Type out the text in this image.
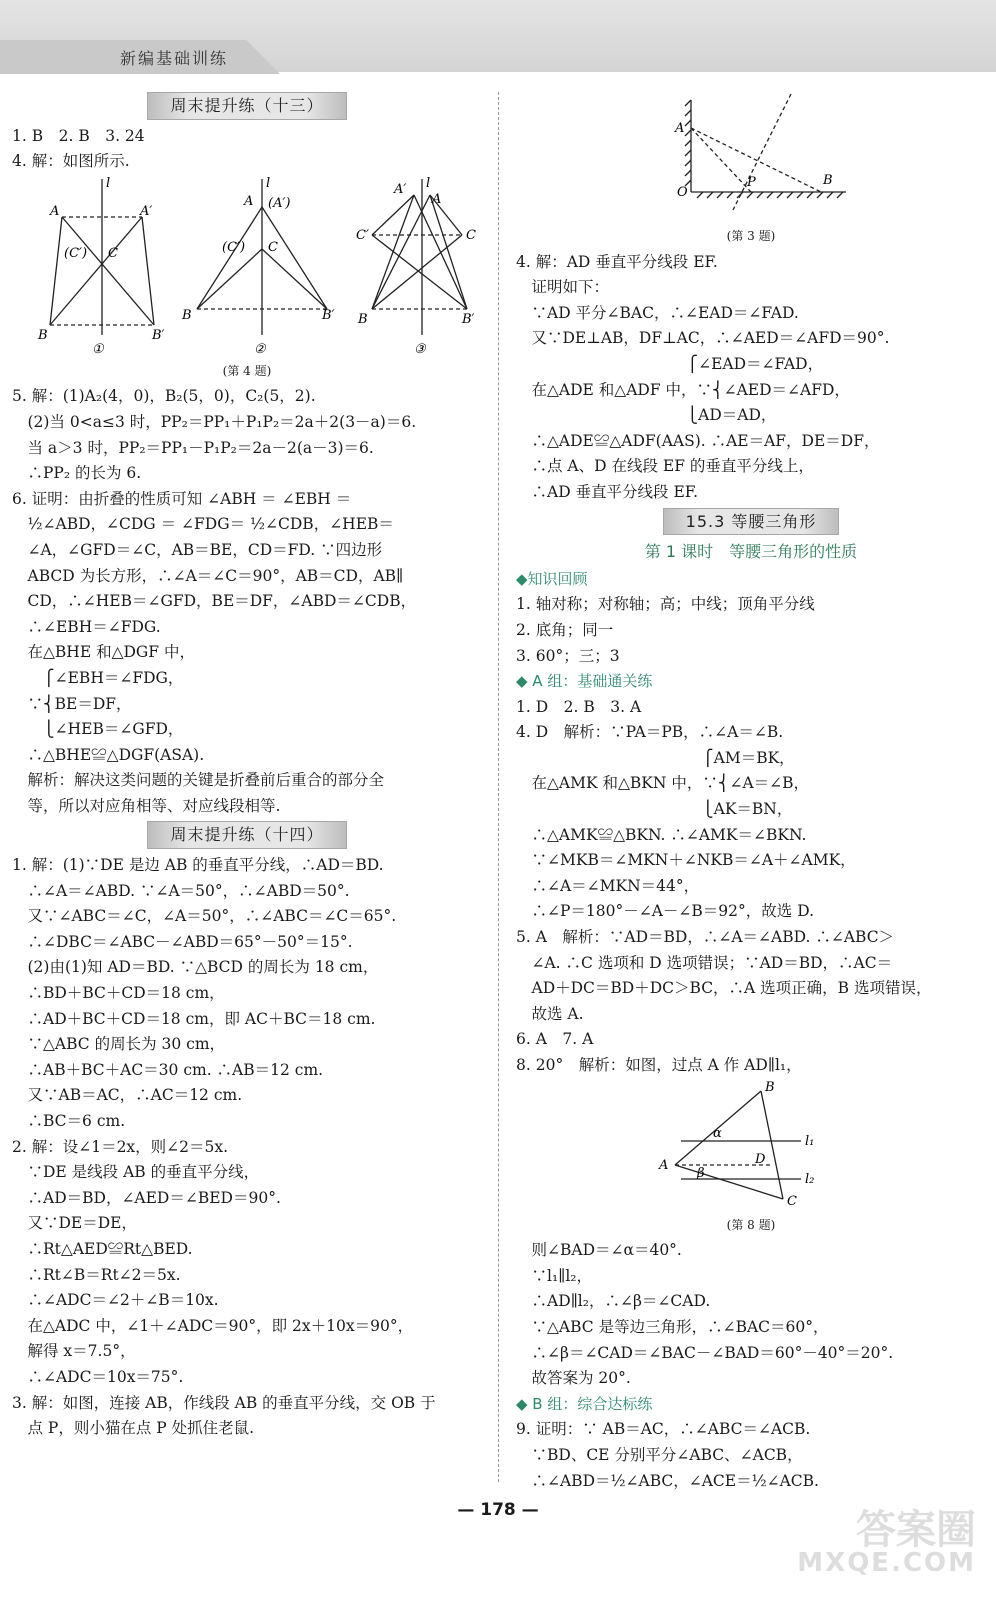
新编基础训练
周末提升练（十三）
1. B　2. B　3. 24
4. 解：如图所示.
l
A	A′
(C′) C
B	B′
①
l
A (A′)
(C′) C
B	B′
②
A′ l
A
C′	C
B	B′
③
(第 4 题)
5. 解：(1)A₂(4，0)，B₂(5，0)，C₂(5，2).
　(2)当 0<a≤3 时，PP₂＝PP₁＋P₁P₂＝2a＋2(3－a)＝6.
　当 a＞3 时，PP₂＝PP₁－P₁P₂＝2a－2(a－3)＝6.
　∴PP₂ 的长为 6.
6. 证明：由折叠的性质可知 ∠ABH ＝ ∠EBH ＝
　½∠ABD，∠CDG ＝ ∠FDG＝ ½∠CDB，∠HEB＝
　∠A，∠GFD＝∠C，AB＝BE，CD＝FD. ∵四边形
　ABCD 为长方形，∴∠A＝∠C＝90°，AB＝CD，AB∥
　CD，∴∠HEB＝∠GFD，BE＝DF，∠ABD＝∠CDB，
　∴∠EBH＝∠FDG.
　在△BHE 和△DGF 中，
　　⎧∠EBH＝∠FDG，
　∵⎨BE＝DF，
　　⎩∠HEB＝∠GFD，
　∴△BHE≌△DGF(ASA).
　解析：解决这类问题的关键是折叠前后重合的部分全
　等，所以对应角相等、对应线段相等.
周末提升练（十四）
1. 解：(1)∵DE 是边 AB 的垂直平分线，∴AD＝BD.
　∴∠A＝∠ABD. ∵∠A＝50°，∴∠ABD＝50°.
　又∵∠ABC＝∠C，∠A＝50°，∴∠ABC＝∠C＝65°.
　∴∠DBC＝∠ABC－∠ABD＝65°－50°＝15°.
　(2)由(1)知 AD＝BD. ∵△BCD 的周长为 18 cm，
　∴BD＋BC＋CD＝18 cm，
　∴AD＋BC＋CD＝18 cm，即 AC＋BC＝18 cm.
　∵△ABC 的周长为 30 cm，
　∴AB＋BC＋AC＝30 cm. ∴AB＝12 cm.
　又∵AB＝AC，∴AC＝12 cm.
　∴BC＝6 cm.
2. 解：设∠1＝2x，则∠2＝5x.
　∵DE 是线段 AB 的垂直平分线，
　∴AD＝BD，∠AED＝∠BED＝90°.
　又∵DE＝DE，
　∴Rt△AED≌Rt△BED.
　∴Rt∠B＝Rt∠2＝5x.
　∴∠ADC＝∠2＋∠B＝10x.
　在△ADC 中，∠1＋∠ADC＝90°，即 2x＋10x＝90°，
　解得 x＝7.5°，
　∴∠ADC＝10x＝75°.
3. 解：如图，连接 AB，作线段 AB 的垂直平分线，交 OB 于
　点 P，则小猫在点 P 处抓住老鼠.
A
O
P	B
(第 3 题)
4. 解：AD 垂直平分线段 EF.
　证明如下：
　∵AD 平分∠BAC，∴∠EAD＝∠FAD.
　又∵DE⊥AB，DF⊥AC，∴∠AED＝∠AFD＝90°.
　　　　　　　　　　　⎧∠EAD＝∠FAD，
　在△ADE 和△ADF 中，∵⎨∠AED＝∠AFD，
　　　　　　　　　　　⎩AD＝AD，
　∴△ADE≌△ADF(AAS). ∴AE＝AF，DE＝DF，
　∴点 A、D 在线段 EF 的垂直平分线上，
　∴AD 垂直平分线段 EF.
15.3 等腰三角形
第 1 课时　等腰三角形的性质
◆知识回顾
1. 轴对称；对称轴；高；中线；顶角平分线
2. 底角；同一
3. 60°；三；3
◆ A 组：基础通关练
1. D　2. B　3. A
4. D　解析：∵PA＝PB，∴∠A＝∠B.
　　　　　　　　　　　　⎧AM＝BK，
　在△AMK 和△BKN 中，∵⎨∠A＝∠B，
　　　　　　　　　　　　⎩AK＝BN，
　∴△AMK≌△BKN. ∴∠AMK＝∠BKN.
　∵∠MKB＝∠MKN＋∠NKB＝∠A＋∠AMK，
　∴∠A＝∠MKN＝44°，
　∴∠P＝180°－∠A－∠B＝92°，故选 D.
5. A　解析：∵AD＝BD，∴∠A＝∠ABD. ∴∠ABC＞
　∠A. ∴C 选项和 D 选项错误；∵AD＝BD，∴AC＝
　AD＋DC＝BD＋DC＞BC，∴A 选项正确，B 选项错误，
　故选 A.
6. A　7. A
8. 20°　解析：如图，过点 A 作 AD∥l₁，
B
α
l₁
A
β
D
l₂
C
(第 8 题)
　则∠BAD＝∠α＝40°.
　∵l₁∥l₂，
　∴AD∥l₂，∴∠β＝∠CAD.
　∵△ABC 是等边三角形，∴∠BAC＝60°，
　∴∠β＝∠CAD＝∠BAC－∠BAD＝60°－40°＝20°.
　故答案为 20°.
◆ B 组：综合达标练
9. 证明：∵ AB＝AC，∴∠ABC＝∠ACB.
　∵BD、CE 分别平分∠ABC、∠ACB，
　∴∠ABD＝½∠ABC，∠ACE＝½∠ACB.
— 178 —	答案圈
MXQE.COM
